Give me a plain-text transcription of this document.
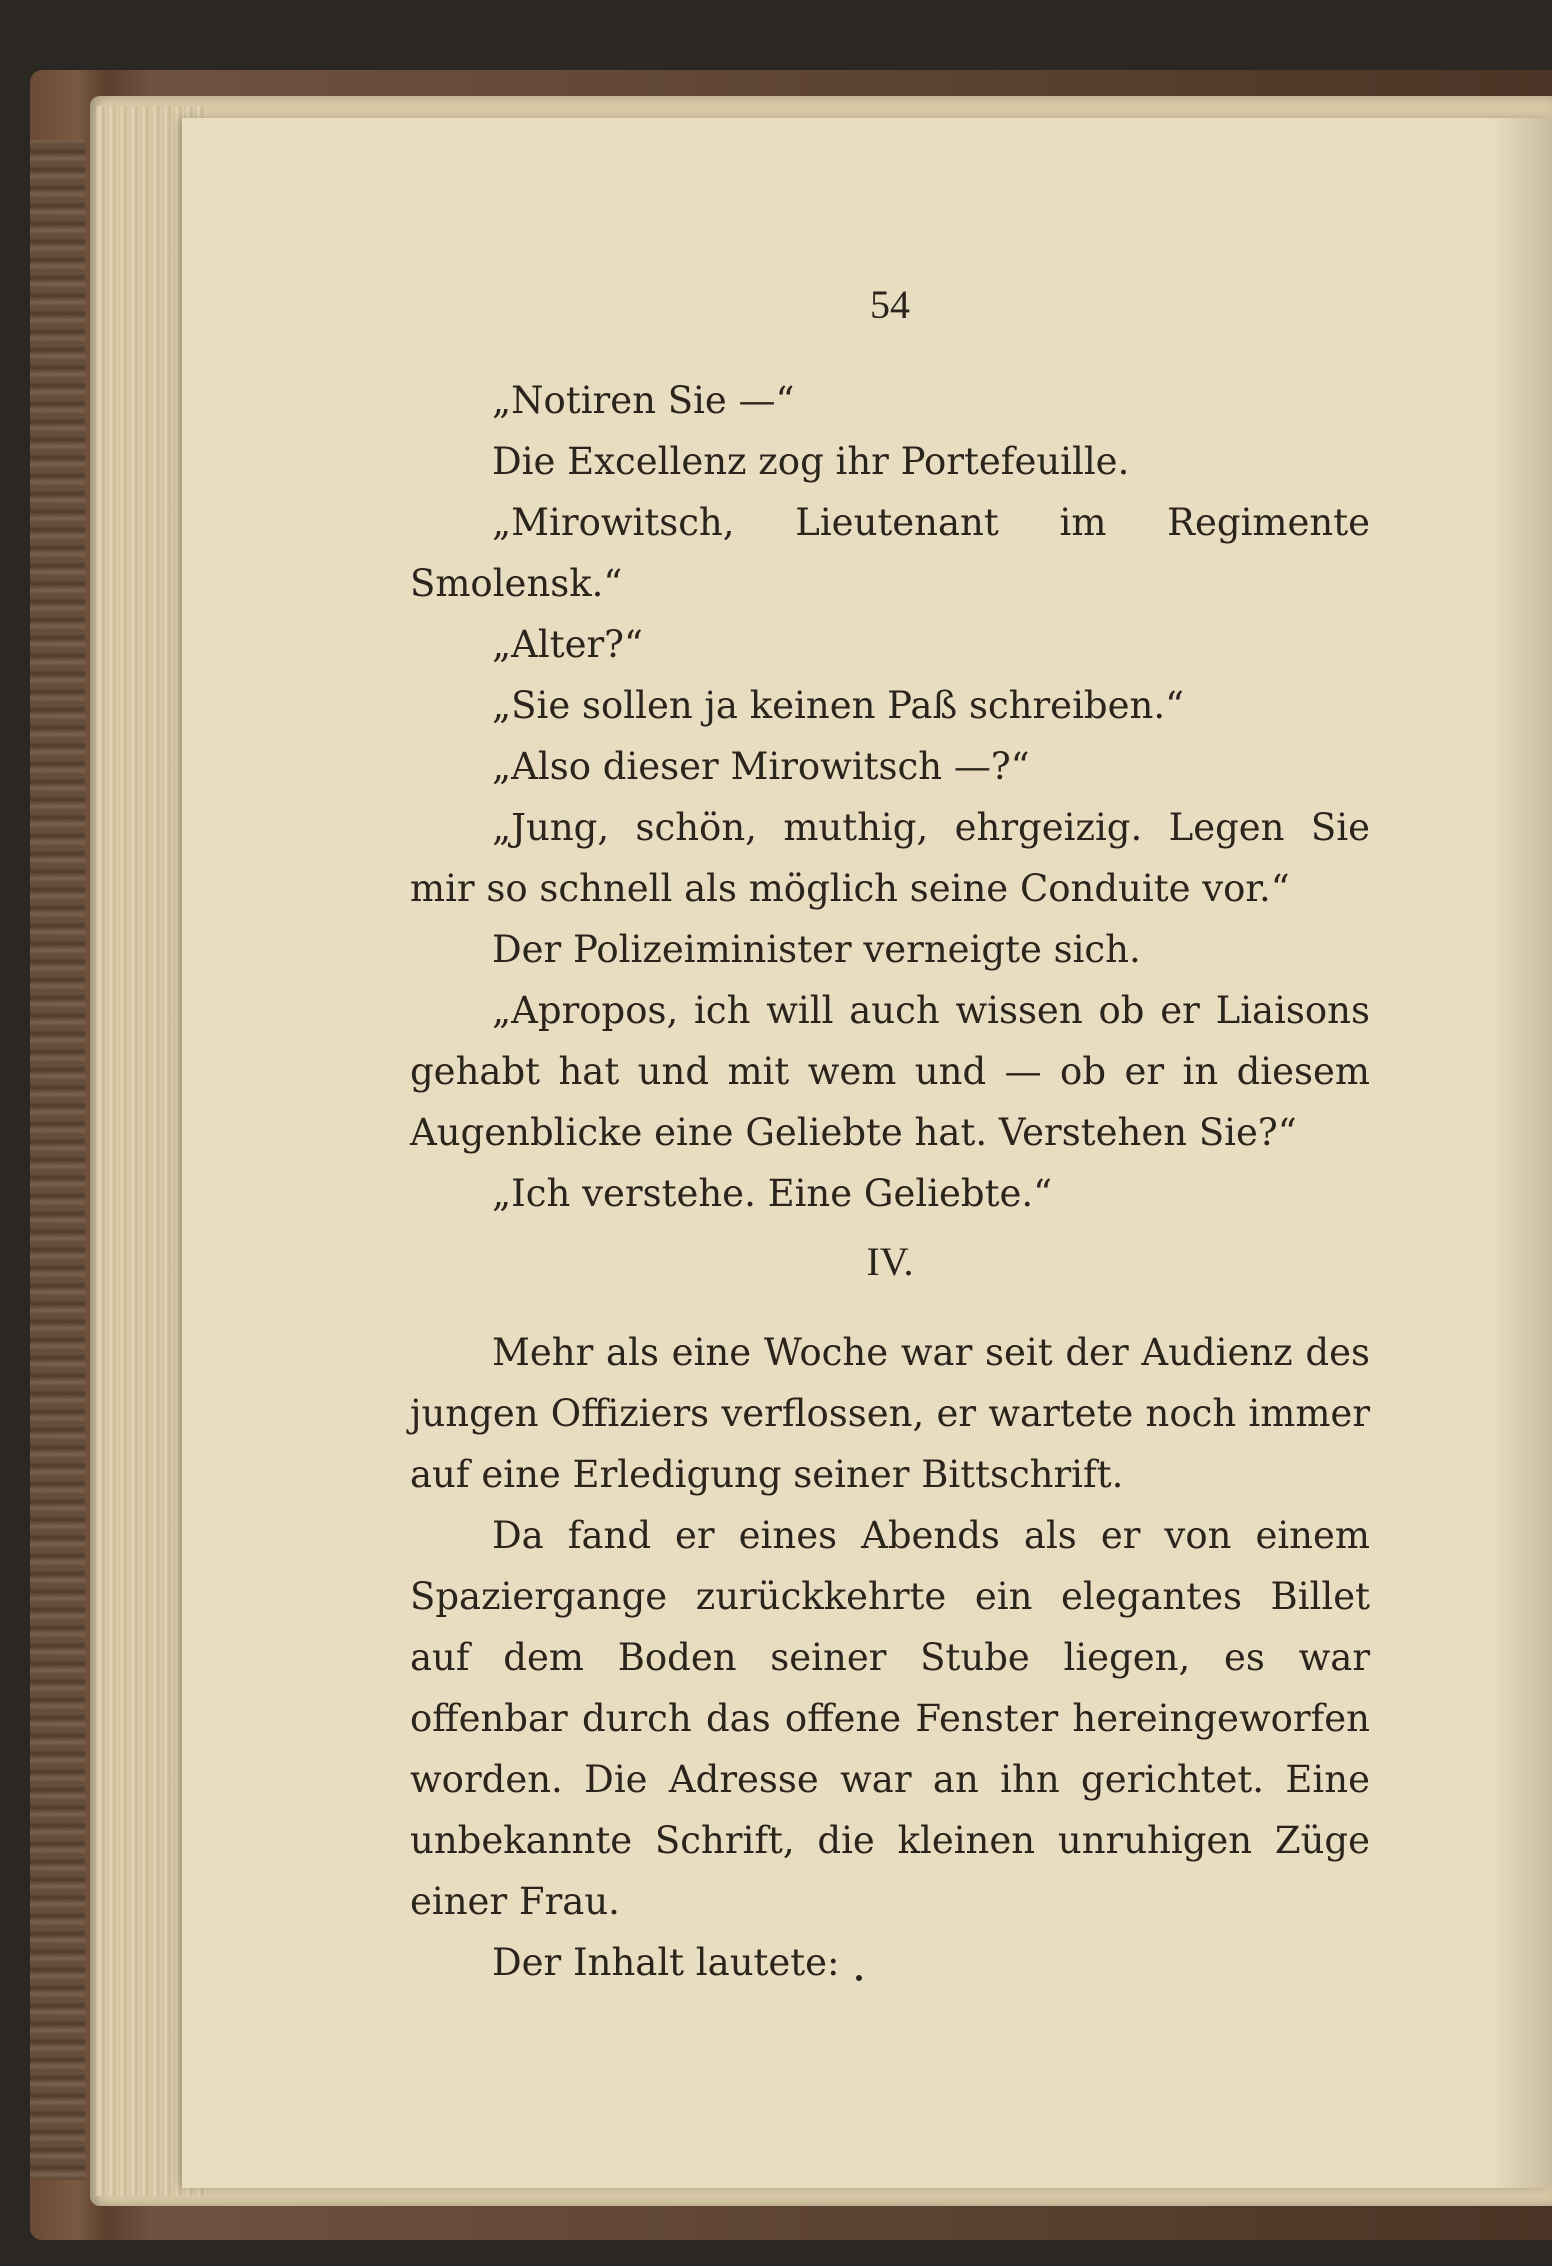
54

„Notiren Sie —“

Die Excellenz zog ihr Portefeuille.

„Mirowitsch, Lieutenant im Regimente Smolensk.“

„Alter?“

„Sie sollen ja keinen Paß schreiben.“

„Also dieser Mirowitsch —?“

„Jung, schön, muthig, ehrgeizig. Legen Sie mir so schnell als möglich seine Conduite vor.“

Der Polizeiminister verneigte sich.

„Apropos, ich will auch wissen ob er Liaisons gehabt hat und mit wem und — ob er in diesem Augenblicke eine Geliebte hat. Verstehen Sie?“

„Ich verstehe. Eine Geliebte.“

IV.

Mehr als eine Woche war seit der Audienz des jungen Offiziers verflossen, er wartete noch immer auf eine Erledigung seiner Bittschrift.

Da fand er eines Abends als er von einem Spaziergange zurückkehrte ein elegantes Billet auf dem Boden seiner Stube liegen, es war offenbar durch das offene Fenster hereingeworfen worden. Die Adresse war an ihn gerichtet. Eine unbekannte Schrift, die kleinen unruhigen Züge einer Frau.

Der Inhalt lautete:
